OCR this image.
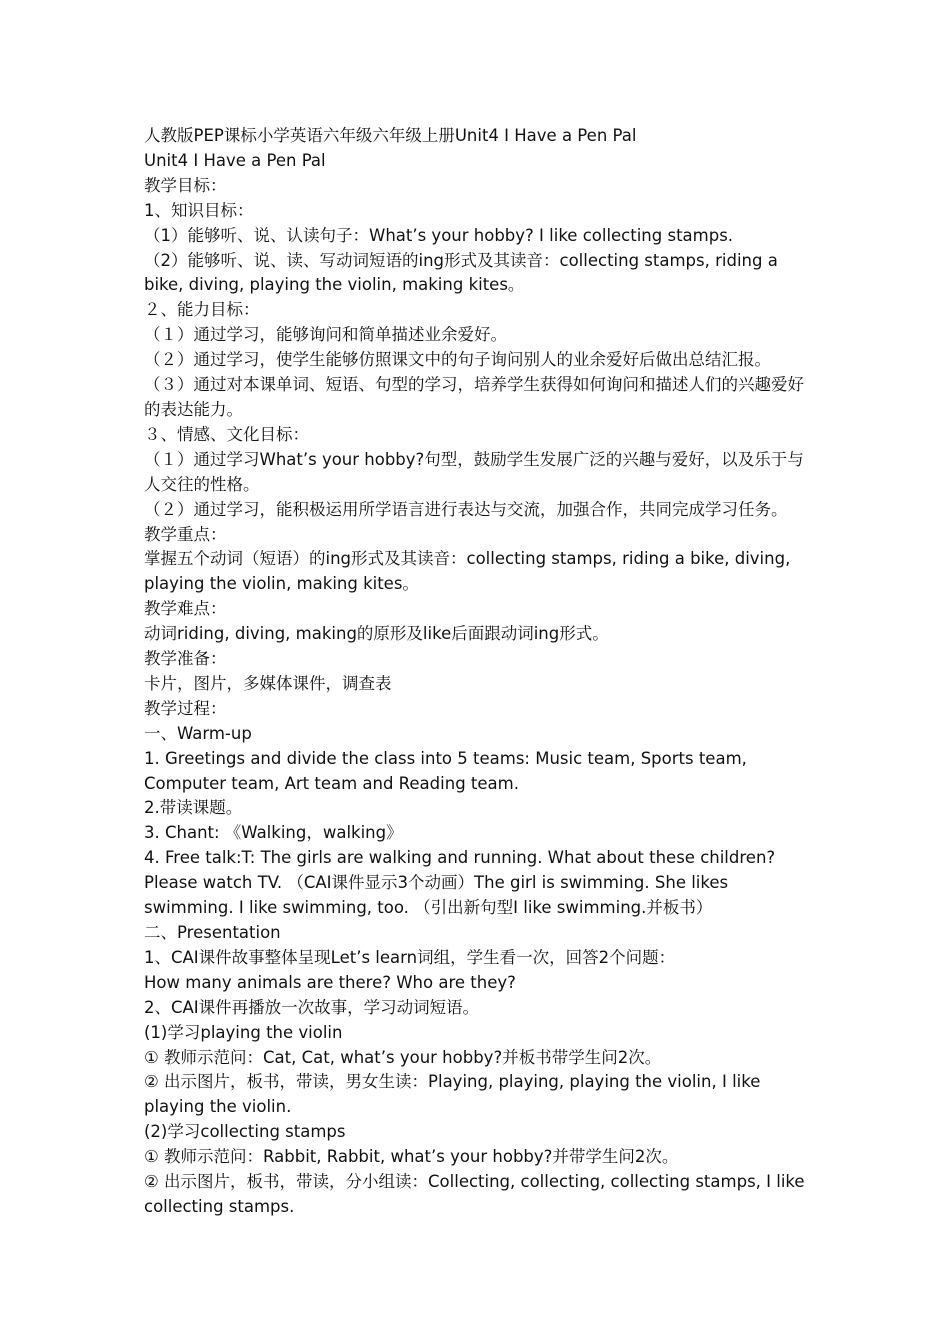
人教版PEP课标小学英语六年级六年级上册Unit4 I Have a Pen Pal

Unit4 I Have a Pen Pal

教学目标：

1、知识目标：

（1）能够听、说、认读句子：What’s your hobby? I like collecting stamps.

（2）能够听、说、读、写动词短语的ing形式及其读音：collecting stamps, riding a bike, diving, playing the violin, making kites。

２、能力目标：

（１）通过学习，能够询问和简单描述业余爱好。

（２）通过学习，使学生能够仿照课文中的句子询问别人的业余爱好后做出总结汇报。

（３）通过对本课单词、短语、句型的学习，培养学生获得如何询问和描述人们的兴趣爱好的表达能力。

３、情感、文化目标：

（１）通过学习What’s your hobby?句型，鼓励学生发展广泛的兴趣与爱好，以及乐于与人交往的性格。

（２）通过学习，能积极运用所学语言进行表达与交流，加强合作，共同完成学习任务。

教学重点：

掌握五个动词（短语）的ing形式及其读音：collecting stamps, riding a bike, diving, playing the violin, making kites。

教学难点：

动词riding, diving, making的原形及like后面跟动词ing形式。

教学准备：

卡片，图片，多媒体课件，调查表

教学过程：

一、Warm-up

1. Greetings and divide the class into 5 teams: Music team, Sports team, Computer team, Art team and Reading team.

2.带读课题。

3. Chant: 《Walking，walking》

4. Free talk:T: The girls are walking and running. What about these children? Please watch TV. （CAI课件显示3个动画）The girl is swimming. She likes swimming. I like swimming, too. （引出新句型I like swimming.并板书）

二、Presentation

1、CAI课件故事整体呈现Let’s learn词组，学生看一次，回答2个问题：

How many animals are there? Who are they?

2、CAI课件再播放一次故事，学习动词短语。

(1)学习playing the violin

① 教师示范问：Cat, Cat, what’s your hobby?并板书带学生问2次。

② 出示图片，板书，带读，男女生读：Playing, playing, playing the violin, I like playing the violin.

(2)学习collecting stamps

① 教师示范问：Rabbit, Rabbit, what’s your hobby?并带学生问2次。

② 出示图片，板书，带读，分小组读：Collecting, collecting, collecting stamps, I like collecting stamps.
